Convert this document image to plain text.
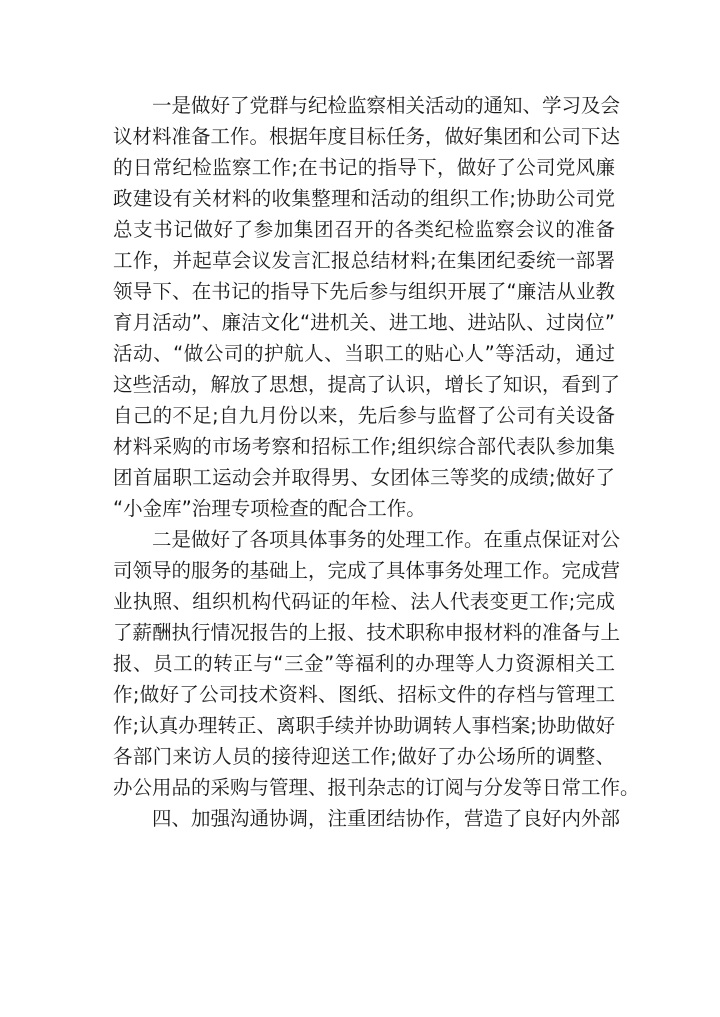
一是做好了党群与纪检监察相关活动的通知、学习及会

议材料准备工作。根据年度目标任务，做好集团和公司下达

的日常纪检监察工作;在书记的指导下，做好了公司党风廉

政建设有关材料的收集整理和活动的组织工作;协助公司党

总支书记做好了参加集团召开的各类纪检监察会议的准备

工作，并起草会议发言汇报总结材料;在集团纪委统一部署

领导下、在书记的指导下先后参与组织开展了“廉洁从业教

育月活动”、廉洁文化“进机关、进工地、进站队、过岗位”

活动、“做公司的护航人、当职工的贴心人”等活动，通过

这些活动，解放了思想，提高了认识，增长了知识，看到了

自己的不足;自九月份以来，先后参与监督了公司有关设备

材料采购的市场考察和招标工作;组织综合部代表队参加集

团首届职工运动会并取得男、女团体三等奖的成绩;做好了

“小金库”治理专项检查的配合工作。

二是做好了各项具体事务的处理工作。在重点保证对公

司领导的服务的基础上，完成了具体事务处理工作。完成营

业执照、组织机构代码证的年检、法人代表变更工作;完成

了薪酬执行情况报告的上报、技术职称申报材料的准备与上

报、员工的转正与“三金”等福利的办理等人力资源相关工

作;做好了公司技术资料、图纸、招标文件的存档与管理工

作;认真办理转正、离职手续并协助调转人事档案;协助做好

各部门来访人员的接待迎送工作;做好了办公场所的调整、

办公用品的采购与管理、报刊杂志的订阅与分发等日常工作。

四、加强沟通协调，注重团结协作，营造了良好内外部
